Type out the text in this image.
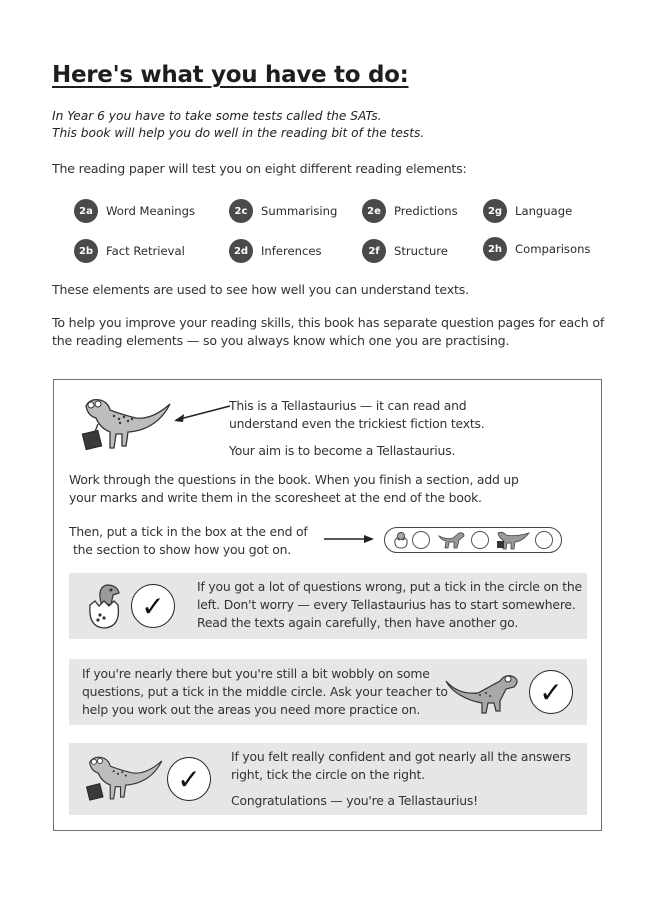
Here's what you have to do:
In Year 6 you have to take some tests called the SATs.
This book will help you do well in the reading bit of the tests.
The reading paper will test you on eight different reading elements:
2a	Word Meanings
2b	Fact Retrieval
2c	Summarising
2d	Inferences
2e	Predictions
2f	Structure
2g	Language
2h	Comparisons
These elements are used to see how well you can understand texts.
To help you improve your reading skills, this book has separate question pages for each of
the reading elements — so you always know which one you are practising.
This is a Tellastaurius — it can read and
understand even the trickiest fiction texts.
Your aim is to become a Tellastaurius.
Work through the questions in the book. When you finish a section, add up
your marks and write them in the scoresheet at the end of the book.
Then, put a tick in the box at the end of
the section to show how you got on.
✓
If you got a lot of questions wrong, put a tick in the circle on the
left. Don't worry — every Tellastaurius has to start somewhere.
Read the texts again carefully, then have another go.
If you're nearly there but you're still a bit wobbly on some
questions, put a tick in the middle circle. Ask your teacher to
help you work out the areas you need more practice on.
✓
✓
If you felt really confident and got nearly all the answers
right, tick the circle on the right.
Congratulations — you're a Tellastaurius!
